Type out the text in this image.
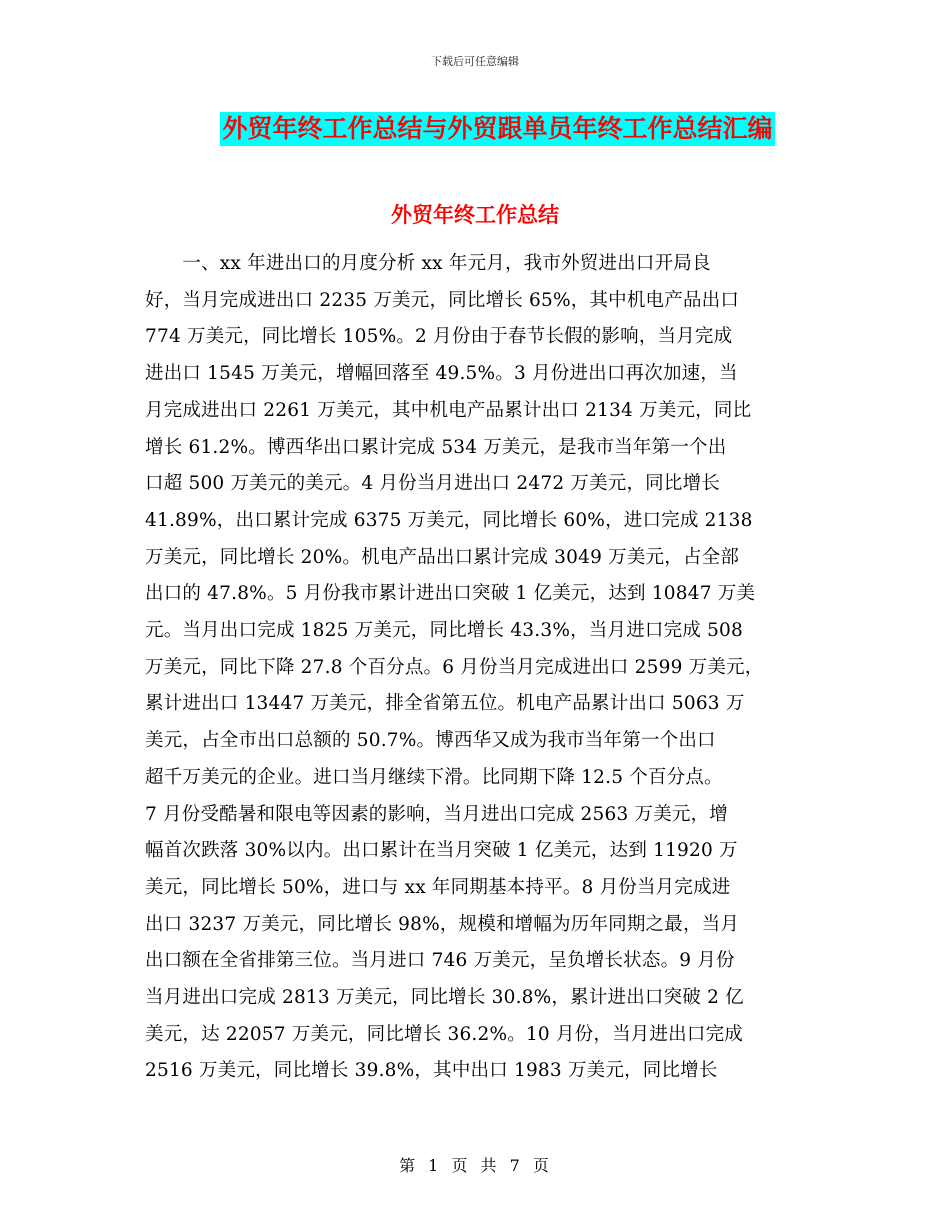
下载后可任意编辑
外贸年终工作总结与外贸跟单员年终工作总结汇编
外贸年终工作总结
　　一、xx 年进出口的月度分析 xx 年元月，我市外贸进出口开局良
好，当月完成进出口 2235 万美元，同比增长 65%，其中机电产品出口
774 万美元，同比增长 105%。2 月份由于春节长假的影响，当月完成
进出口 1545 万美元，增幅回落至 49.5%。3 月份进出口再次加速，当
月完成进出口 2261 万美元，其中机电产品累计出口 2134 万美元，同比
增长 61.2%。博西华出口累计完成 534 万美元，是我市当年第一个出
口超 500 万美元的美元。4 月份当月进出口 2472 万美元，同比增长
41.89%，出口累计完成 6375 万美元，同比增长 60%，进口完成 2138
万美元，同比增长 20%。机电产品出口累计完成 3049 万美元，占全部
出口的 47.8%。5 月份我市累计进出口突破 1 亿美元，达到 10847 万美
元。当月出口完成 1825 万美元，同比增长 43.3%，当月进口完成 508
万美元，同比下降 27.8 个百分点。6 月份当月完成进出口 2599 万美元，
累计进出口 13447 万美元，排全省第五位。机电产品累计出口 5063 万
美元，占全市出口总额的 50.7%。博西华又成为我市当年第一个出口
超千万美元的企业。进口当月继续下滑。比同期下降 12.5 个百分点。
7 月份受酷暑和限电等因素的影响，当月进出口完成 2563 万美元，增
幅首次跌落 30%以内。出口累计在当月突破 1 亿美元，达到 11920 万
美元，同比增长 50%，进口与 xx 年同期基本持平。8 月份当月完成进
出口 3237 万美元，同比增长 98%，规模和增幅为历年同期之最，当月
出口额在全省排第三位。当月进口 746 万美元，呈负增长状态。9 月份
当月进出口完成 2813 万美元，同比增长 30.8%，累计进出口突破 2 亿
美元，达 22057 万美元，同比增长 36.2%。10 月份，当月进出口完成
2516 万美元，同比增长 39.8%，其中出口 1983 万美元，同比增长
第 1 页 共 7 页
